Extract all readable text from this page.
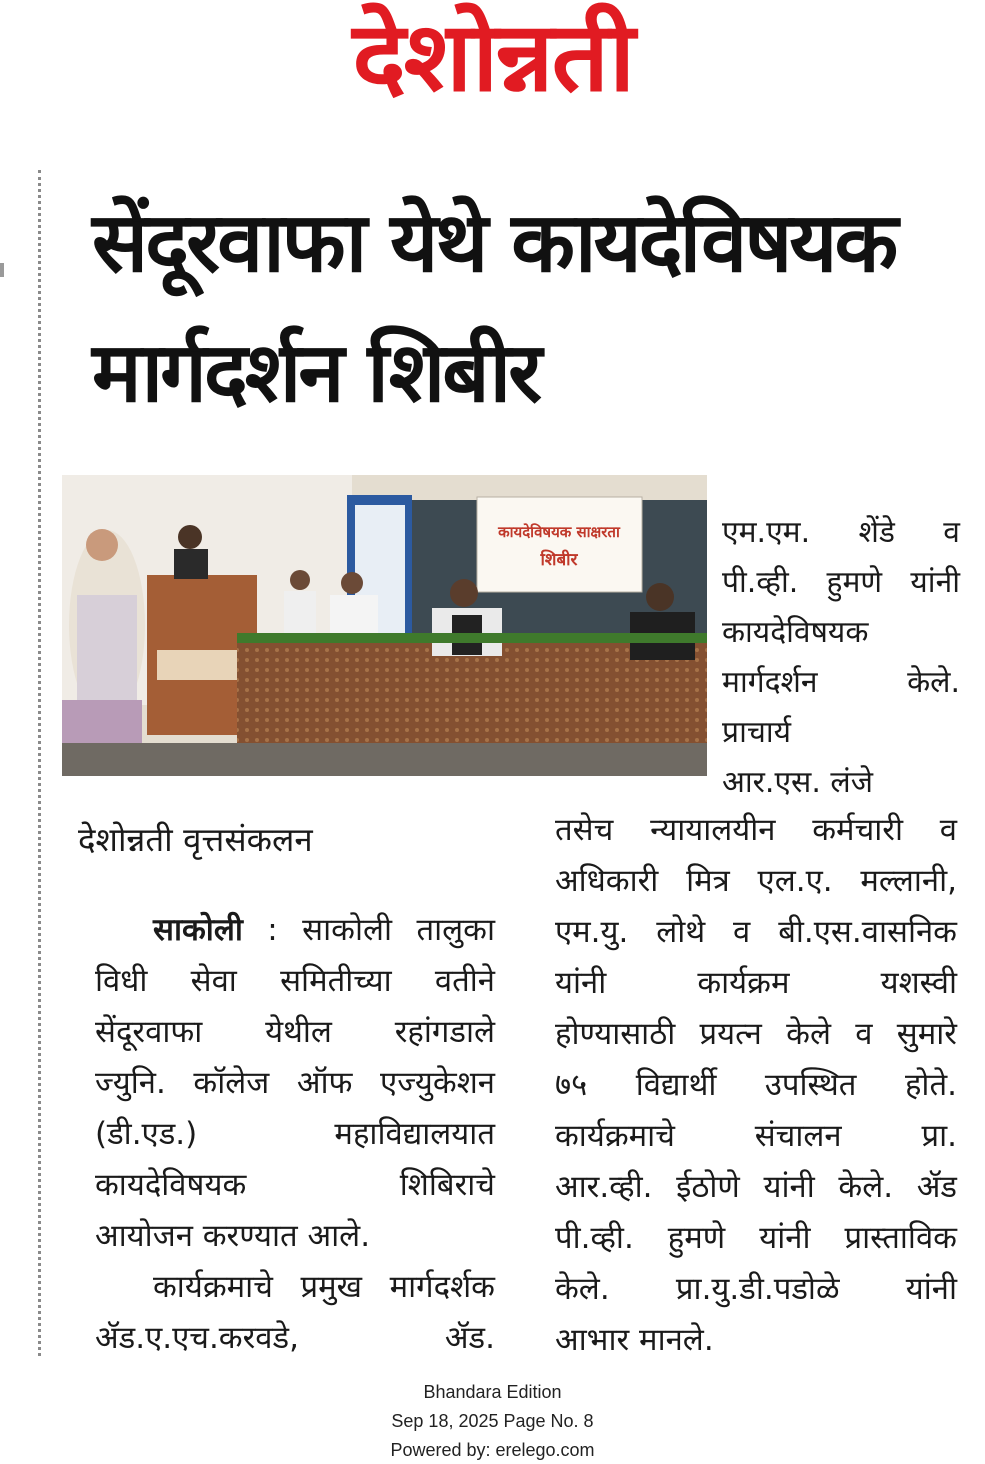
देशोन्नती
सेंदूरवाफा येथे कायदेविषयक
मार्गदर्शन शिबीर
कायदेविषयक साक्षरता
शिबीर

एम.एम. शेंडे व

पी.व्ही. हुमणे यांनी

कायदेविषयक

मार्गदर्शन केले.

प्राचार्य

आर.एस. लंजे

देशोन्नती वृत्तसंकलन

साकोली : साकोली तालुका

विधी सेवा समितीच्या वतीने

सेंदूरवाफा येथील रहांगडाले

ज्युनि. कॉलेज ऑफ एज्युकेशन

(डी.एड.) महाविद्यालयात

कायदेविषयक शिबिराचे

आयोजन करण्यात आले.

कार्यक्रमाचे प्रमुख मार्गदर्शक

ॲड.ए.एच.करवडे, ॲड.

तसेच न्यायालयीन कर्मचारी व

अधिकारी मित्र एल.ए. मल्लानी,

एम.यु. लोथे व बी.एस.वासनिक

यांनी कार्यक्रम यशस्वी

होण्यासाठी प्रयत्न केले व सुमारे

७५ विद्यार्थी उपस्थित होते.

कार्यक्रमाचे संचालन प्रा.

आर.व्ही. ईठोणे यांनी केले. ॲड

पी.व्ही. हुमणे यांनी प्रास्ताविक

केले. प्रा.यु.डी.पडोळे यांनी

आभार मानले.

Bhandara Edition
Sep 18, 2025 Page No. 8
Powered by: erelego.com
